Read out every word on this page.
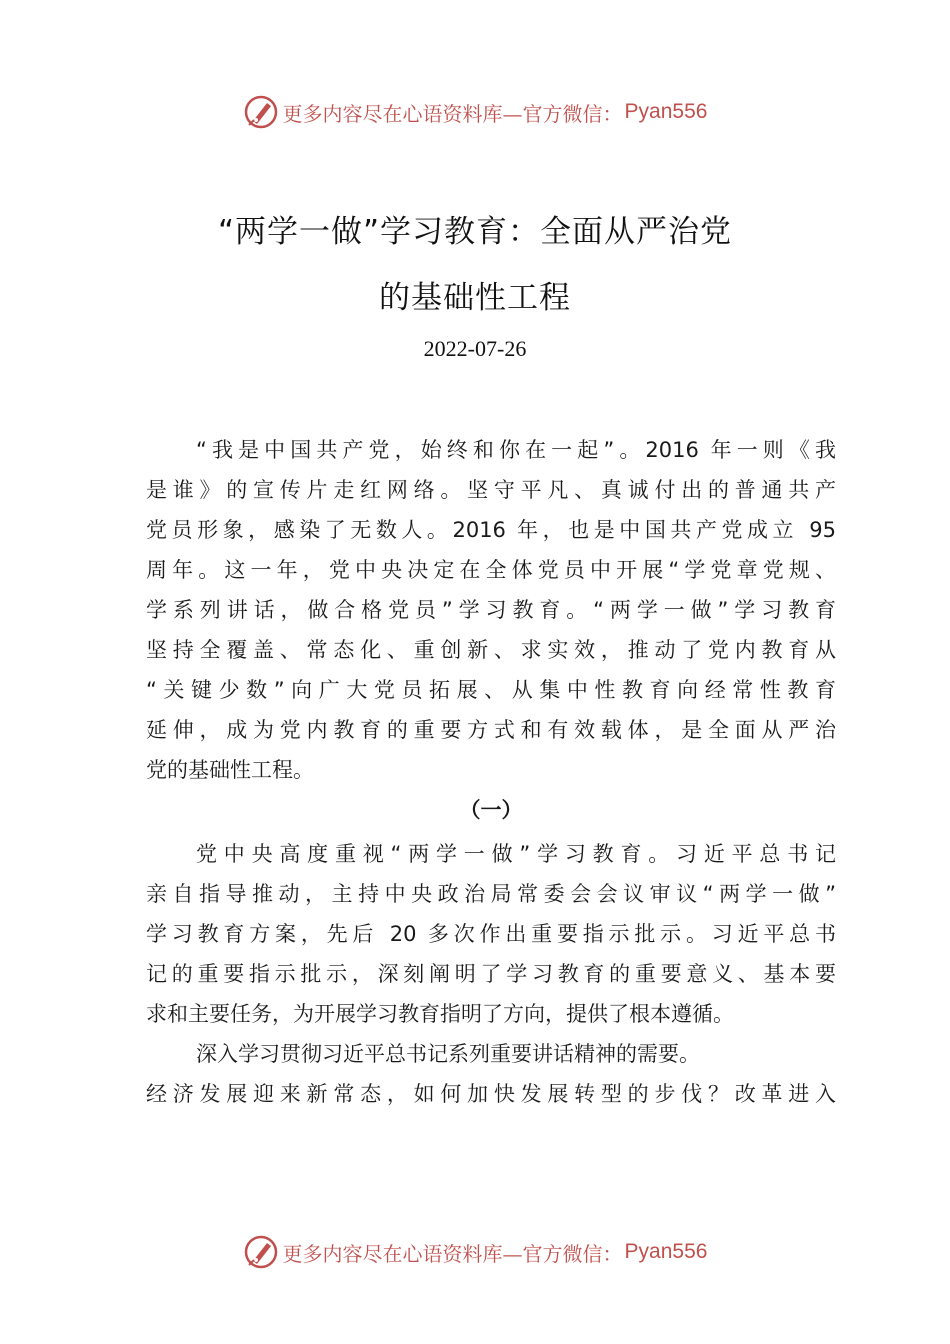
更多内容尽在心语资料库—官方微信： Pyan556
“两学一做”学习教育：全面从严治党
的基础性工程
2022-07-26
“我是中国共产党，始终和你在一起”。2016 年一则《我
是谁》的宣传片走红网络。坚守平凡、真诚付出的普通共产
党员形象，感染了无数人。2016 年，也是中国共产党成立 95
周年。这一年，党中央决定在全体党员中开展“学党章党规、
学系列讲话，做合格党员”学习教育。“两学一做”学习教育
坚持全覆盖、常态化、重创新、求实效，推动了党内教育从
“关键少数”向广大党员拓展、从集中性教育向经常性教育
延伸，成为党内教育的重要方式和有效载体，是全面从严治
党的基础性工程。
（一）
党中央高度重视“两学一做”学习教育。习近平总书记
亲自指导推动，主持中央政治局常委会会议审议“两学一做”
学习教育方案，先后 20 多次作出重要指示批示。习近平总书
记的重要指示批示，深刻阐明了学习教育的重要意义、基本要
求和主要任务，为开展学习教育指明了方向，提供了根本遵循。
深入学习贯彻习近平总书记系列重要讲话精神的需要。
经济发展迎来新常态，如何加快发展转型的步伐？改革进入
更多内容尽在心语资料库—官方微信： Pyan556
